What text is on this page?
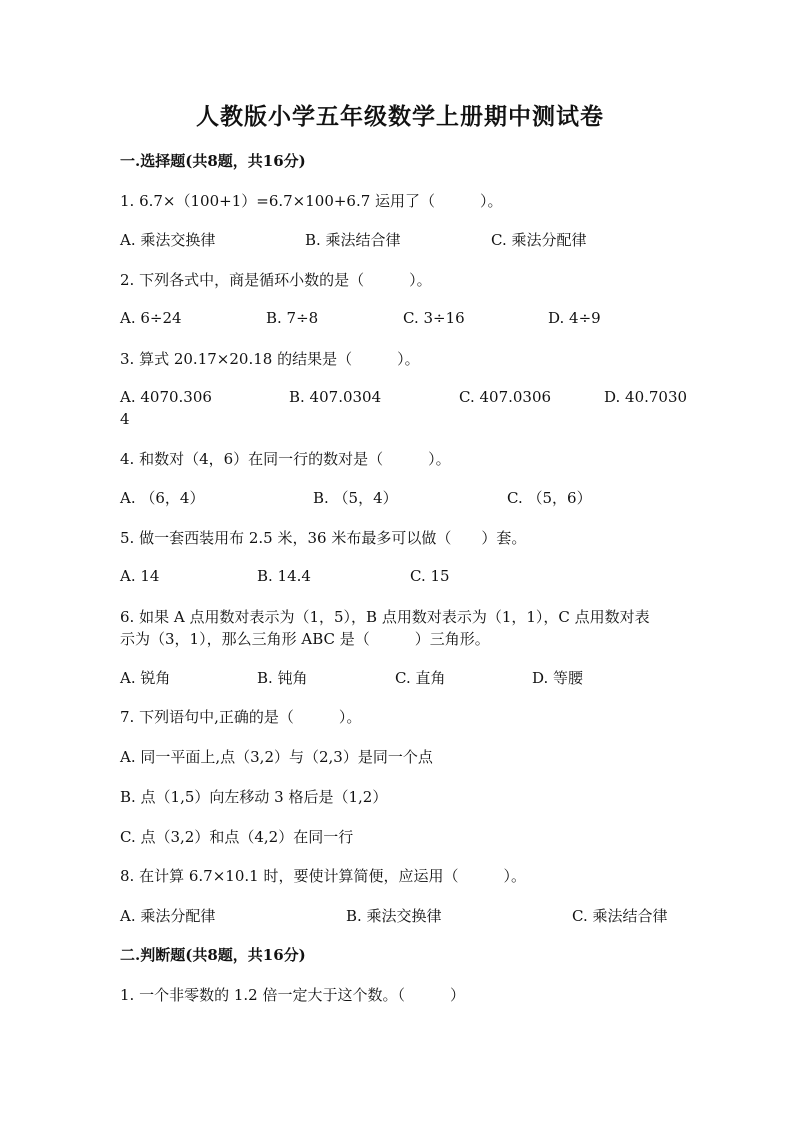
人教版小学五年级数学上册期中测试卷
一.选择题(共8题，共16分)
1. 6.7×（100+1）=6.7×100+6.7 运用了（　　　）。
A. 乘法交换律	B. 乘法结合律	C. 乘法分配律
2. 下列各式中，商是循环小数的是（　　　）。
A. 6÷24	B. 7÷8	C. 3÷16	D. 4÷9
3. 算式 20.17×20.18 的结果是（　　　）。
A. 4070.306	B. 407.0304	C. 407.0306	D. 40.7030
4
4. 和数对（4，6）在同一行的数对是（　　　）。
A. （6，4）	B. （5，4）	C. （5，6）
5. 做一套西装用布 2.5 米，36 米布最多可以做（　　）套。
A. 14	B. 14.4	C. 15
6. 如果 A 点用数对表示为（1，5），B 点用数对表示为（1，1），C 点用数对表
示为（3，1），那么三角形 ABC 是（　　　）三角形。
A. 锐角	B. 钝角	C. 直角	D. 等腰
7. 下列语句中,正确的是（　　　）。
A. 同一平面上,点（3,2）与（2,3）是同一个点
B. 点（1,5）向左移动 3 格后是（1,2）
C. 点（3,2）和点（4,2）在同一行
8. 在计算 6.7×10.1 时，要使计算简便，应运用（　　　）。
A. 乘法分配律	B. 乘法交换律	C. 乘法结合律
二.判断题(共8题，共16分)
1. 一个非零数的 1.2 倍一定大于这个数。（　　　）
